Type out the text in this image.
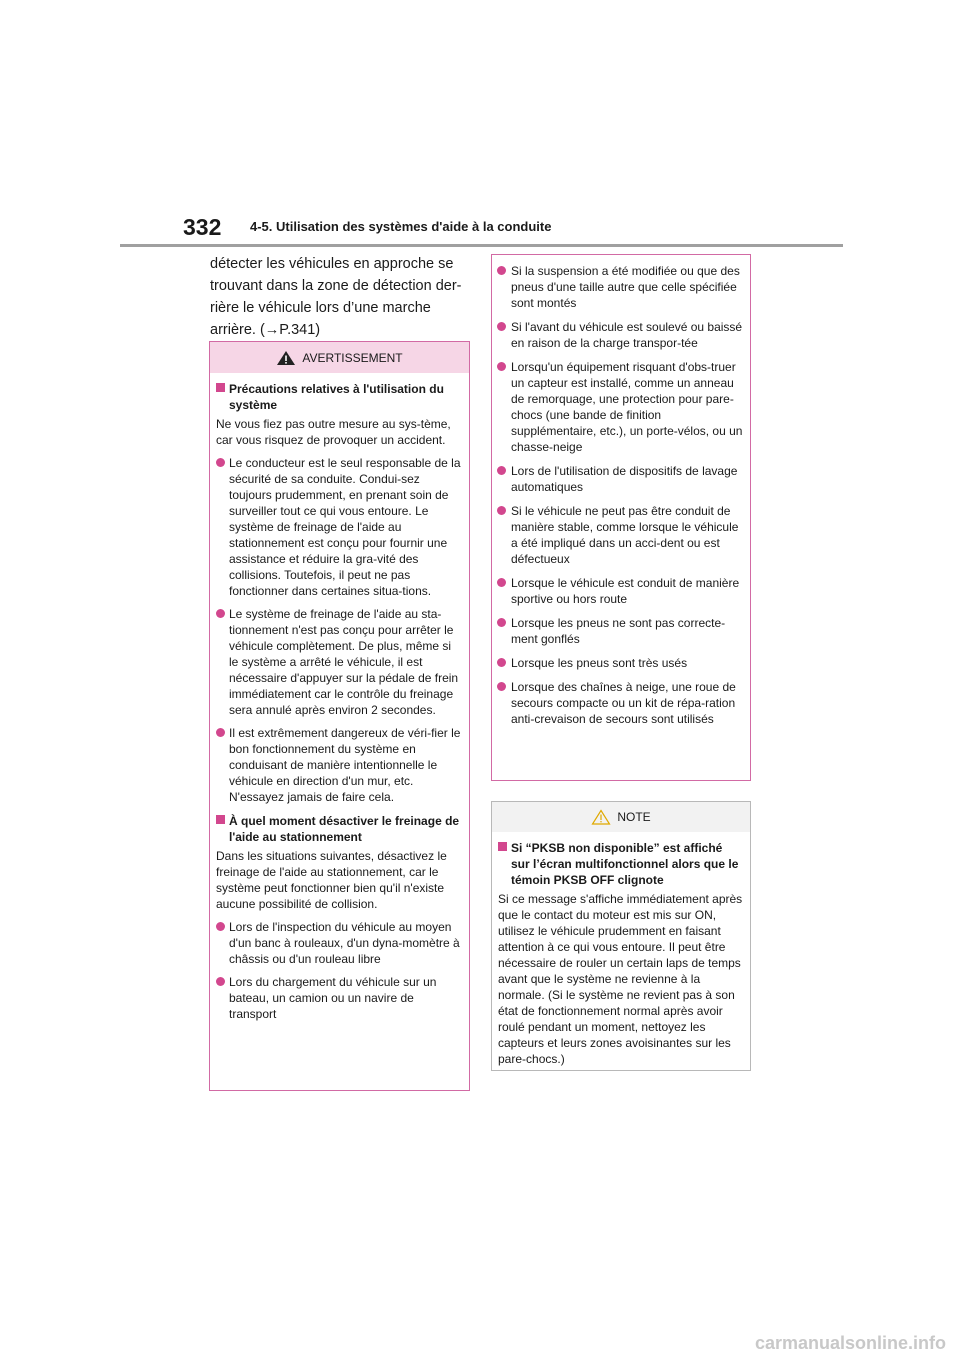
332 4-5. Utilisation des systèmes d'aide à la conduite
détecter les véhicules en approche se trouvant dans la zone de détection der-rière le véhicule lors d’une marche arrière. (→P.341)
AVERTISSEMENT
Précautions relatives à l'utilisation du système
Ne vous fiez pas outre mesure au sys-tème, car vous risquez de provoquer un accident.
Le conducteur est le seul responsable de la sécurité de sa conduite. Condui-sez toujours prudemment, en prenant soin de surveiller tout ce qui vous entoure. Le système de freinage de l'aide au stationnement est conçu pour fournir une assistance et réduire la gra-vité des collisions. Toutefois, il peut ne pas fonctionner dans certaines situa-tions.
Le système de freinage de l'aide au sta-tionnement n'est pas conçu pour arrêter le véhicule complètement. De plus, même si le système a arrêté le véhicule, il est nécessaire d'appuyer sur la pédale de frein immédiatement car le contrôle du freinage sera annulé après environ 2 secondes.
Il est extrêmement dangereux de véri-fier le bon fonctionnement du système en conduisant de manière intentionnelle le véhicule en direction d'un mur, etc. N'essayez jamais de faire cela.
À quel moment désactiver le freinage de l'aide au stationnement
Dans les situations suivantes, désactivez le freinage de l'aide au stationnement, car le système peut fonctionner bien qu'il n'existe aucune possibilité de collision.
Lors de l'inspection du véhicule au moyen d'un banc à rouleaux, d'un dyna-momètre à châssis ou d'un rouleau libre
Lors du chargement du véhicule sur un bateau, un camion ou un navire de transport
Si la suspension a été modifiée ou que des pneus d'une taille autre que celle spécifiée sont montés
Si l'avant du véhicule est soulevé ou baissé en raison de la charge transpor-tée
Lorsqu'un équipement risquant d'obs-truer un capteur est installé, comme un anneau de remorquage, une protection pour pare-chocs (une bande de finition supplémentaire, etc.), un porte-vélos, ou un chasse-neige
Lors de l'utilisation de dispositifs de lavage automatiques
Si le véhicule ne peut pas être conduit de manière stable, comme lorsque le véhicule a été impliqué dans un acci-dent ou est défectueux
Lorsque le véhicule est conduit de manière sportive ou hors route
Lorsque les pneus ne sont pas correcte-ment gonflés
Lorsque les pneus sont très usés
Lorsque des chaînes à neige, une roue de secours compacte ou un kit de répa-ration anti-crevaison de secours sont utilisés
NOTE
Si “PKSB non disponible” est affiché sur l’écran multifonctionnel alors que le témoin PKSB OFF clignote
Si ce message s'affiche immédiatement après que le contact du moteur est mis sur ON, utilisez le véhicule prudemment en faisant attention à ce qui vous entoure. Il peut être nécessaire de rouler un certain laps de temps avant que le système ne revienne à la normale. (Si le système ne revient pas à son état de fonctionnement normal après avoir roulé pendant un moment, nettoyez les capteurs et leurs zones avoisinantes sur les pare-chocs.)
carmanualsonline.info
